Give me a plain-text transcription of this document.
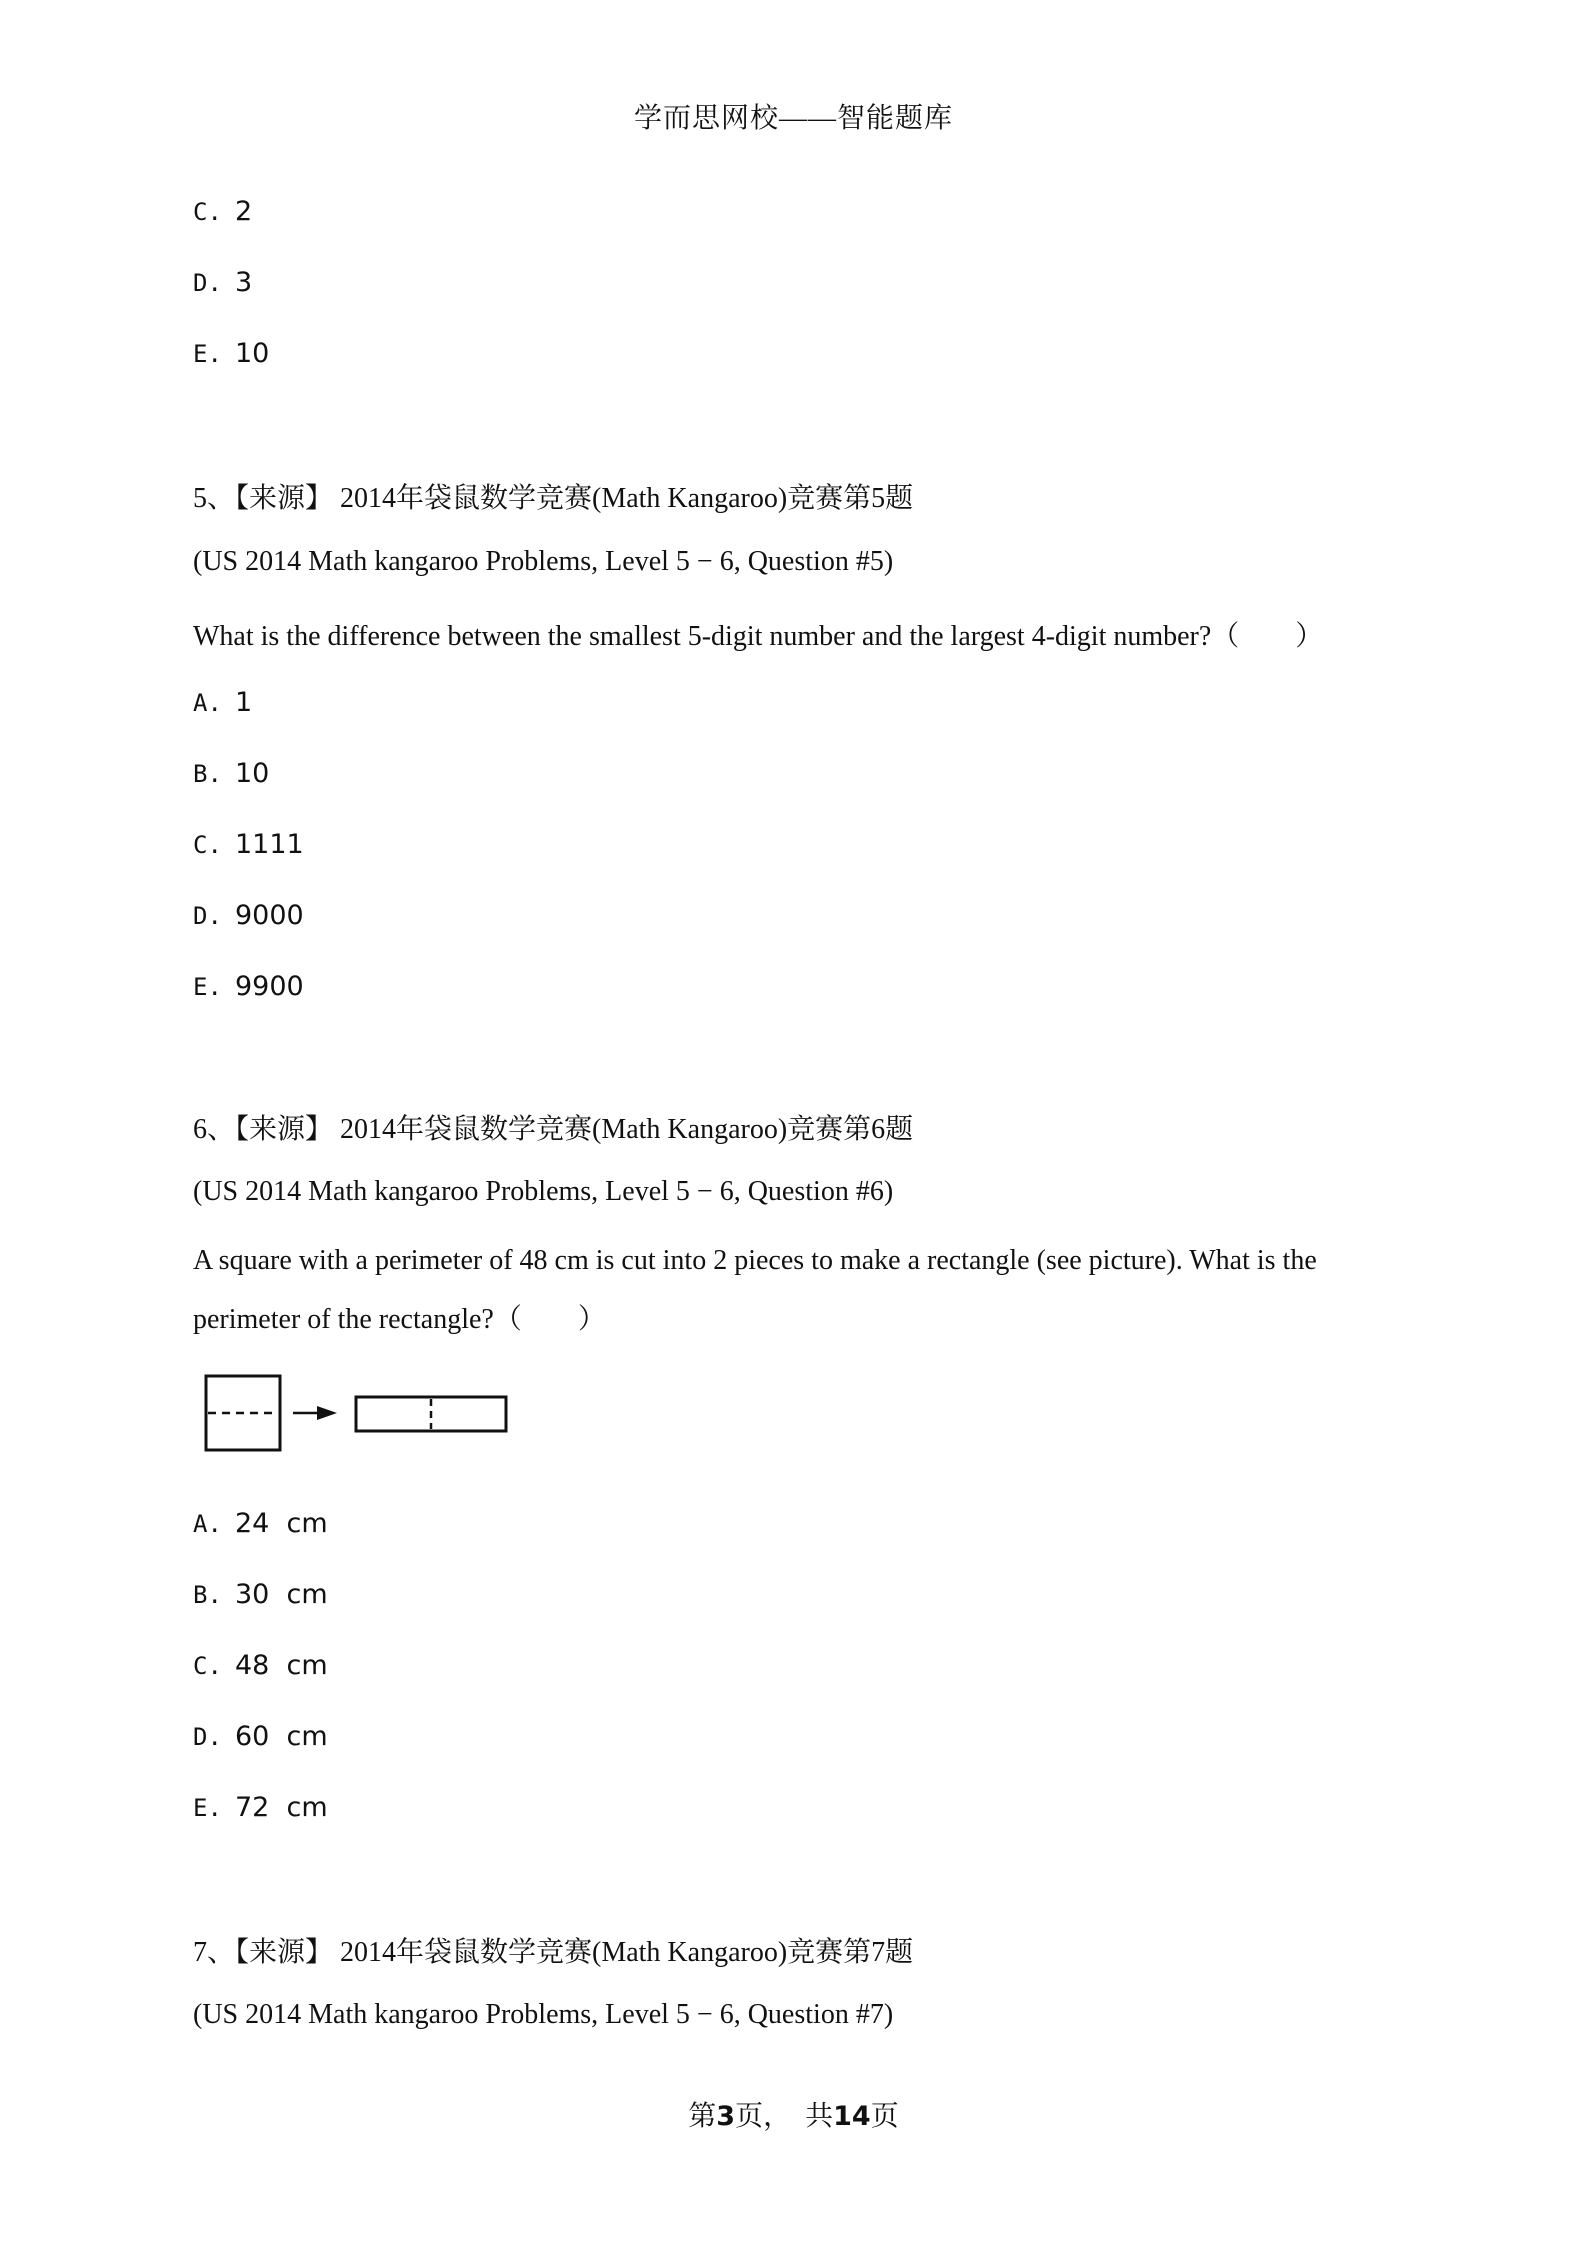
学而思网校——智能题库
C. 2
D. 3
E. 10
5、【来源】 2014年袋鼠数学竞赛(Math Kangaroo)竞赛第5题
(US 2014 Math kangaroo Problems, Level 5 − 6, Question #5)
What is the difference between the smallest 5-digit number and the largest 4-digit number?（　　）
A. 1
B. 10
C. 1111
D. 9000
E. 9900
6、【来源】 2014年袋鼠数学竞赛(Math Kangaroo)竞赛第6题
(US 2014 Math kangaroo Problems, Level 5 − 6, Question #6)
A square with a perimeter of 48 cm is cut into 2 pieces to make a rectangle (see picture). What is the
perimeter of the rectangle?（　　）
A. 24  cm
B. 30  cm
C. 48  cm
D. 60  cm
E. 72  cm
7、【来源】 2014年袋鼠数学竞赛(Math Kangaroo)竞赛第7题
(US 2014 Math kangaroo Problems, Level 5 − 6, Question #7)
第3页，　共14页
